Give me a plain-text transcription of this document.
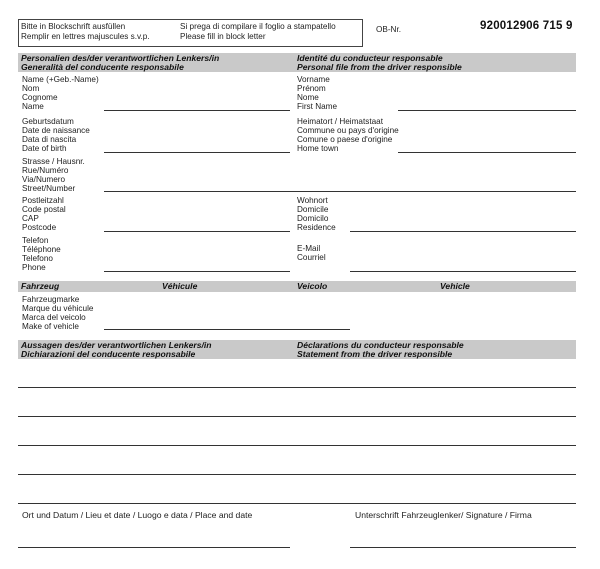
Bitte in Blockschrift ausfüllen
Remplir en lettres majuscules s.v.p.
Si prega di compilare il foglio a stampatello
Please fill in block letter
OB-Nr.	920012906 715 9
Personalien des/der verantwortlichen Lenkers/in
Generalità del conducente responsabile
Identité du conducteur responsable
Personal file from the driver responsible
Name (+Geb.-Name)
Nom
Cognome
Name
Vorname
Prénom
Nome
First Name
Geburtsdatum
Date de naissance
Data di nascita
Date of birth
Heimatort / Heimatstaat
Commune ou pays d'origine
Comune o paese d'origine
Home town
Strasse / Hausnr.
Rue/Numéro
Via/Numero
Street/Number
Postleitzahl
Code postal
CAP
Postcode
Wohnort
Domicile
Domicilo
Residence
Telefon
Téléphone
Telefono
Phone
E-Mail
Courriel
Fahrzeug	Véhicule	Veicolo	Vehicle
Fahrzeugmarke
Marque du véhicule
Marca del veicolo
Make of vehicle
Aussagen des/der verantwortlichen Lenkers/in
Dichiarazioni del conducente responsabile
Déclarations du conducteur responsable
Statement from the driver responsible
Ort und Datum / Lieu et date / Luogo e data / Place and date	Unterschrift Fahrzeuglenker/ Signature / Firma
